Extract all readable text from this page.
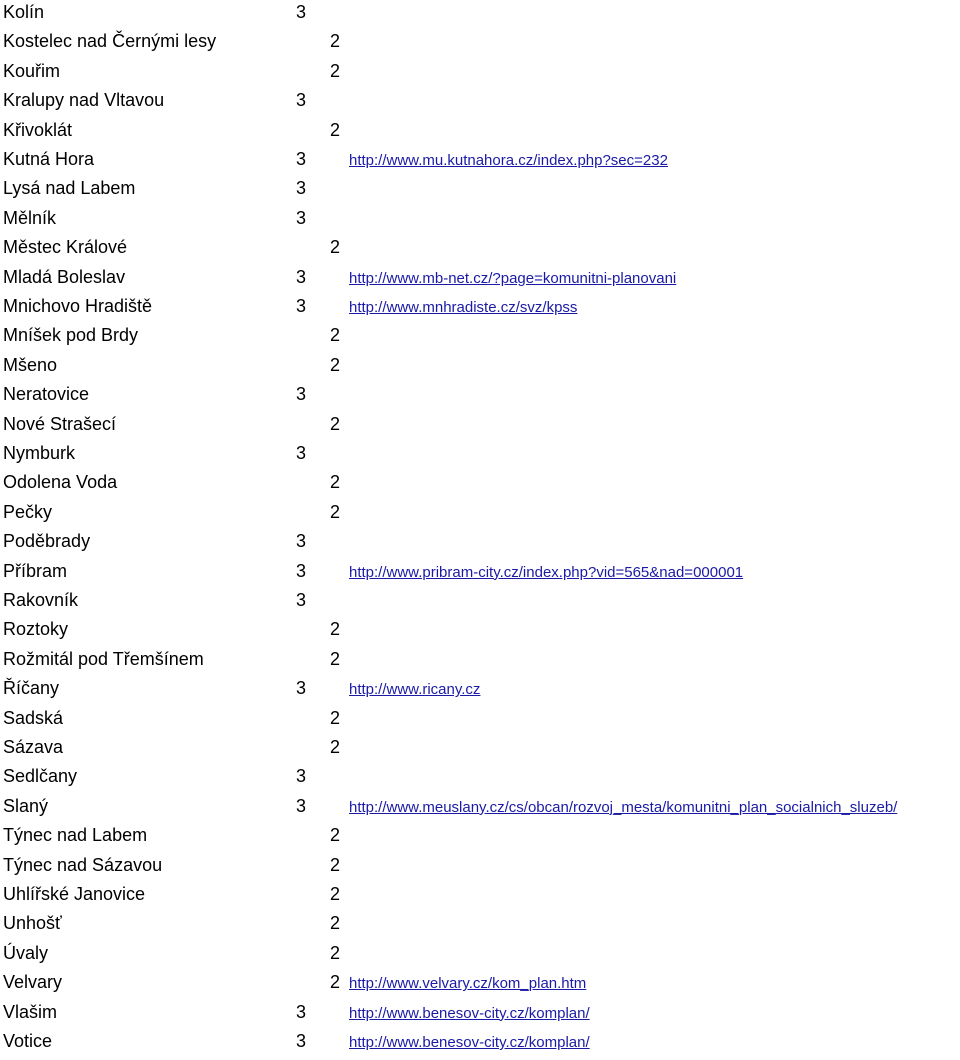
Kolín	3
Kostelec nad Černými lesy	2
Kouřim	2
Kralupy nad Vltavou	3
Křivoklát	2
Kutná Hora	3	http://www.mu.kutnahora.cz/index.php?sec=232
Lysá nad Labem	3
Mělník	3
Městec Králové	2
Mladá Boleslav	3	http://www.mb-net.cz/?page=komunitni-planovani
Mnichovo Hradiště	3	http://www.mnhradiste.cz/svz/kpss
Mníšek pod Brdy	2
Mšeno	2
Neratovice	3
Nové Strašecí	2
Nymburk	3
Odolena Voda	2
Pečky	2
Poděbrady	3
Příbram	3	http://www.pribram-city.cz/index.php?vid=565&nad=000001
Rakovník	3
Roztoky	2
Rožmitál pod Třemšínem	2
Říčany	3	http://www.ricany.cz
Sadská	2
Sázava	2
Sedlčany	3
Slaný	3	http://www.meuslany.cz/cs/obcan/rozvoj_mesta/komunitni_plan_socialnich_sluzeb/
Týnec nad Labem	2
Týnec nad Sázavou	2
Uhlířské Janovice	2
Unhošť	2
Úvaly	2
Velvary	2 http://www.velvary.cz/kom_plan.htm
Vlašim	3	http://www.benesov-city.cz/komplan/
Votice	3	http://www.benesov-city.cz/komplan/
